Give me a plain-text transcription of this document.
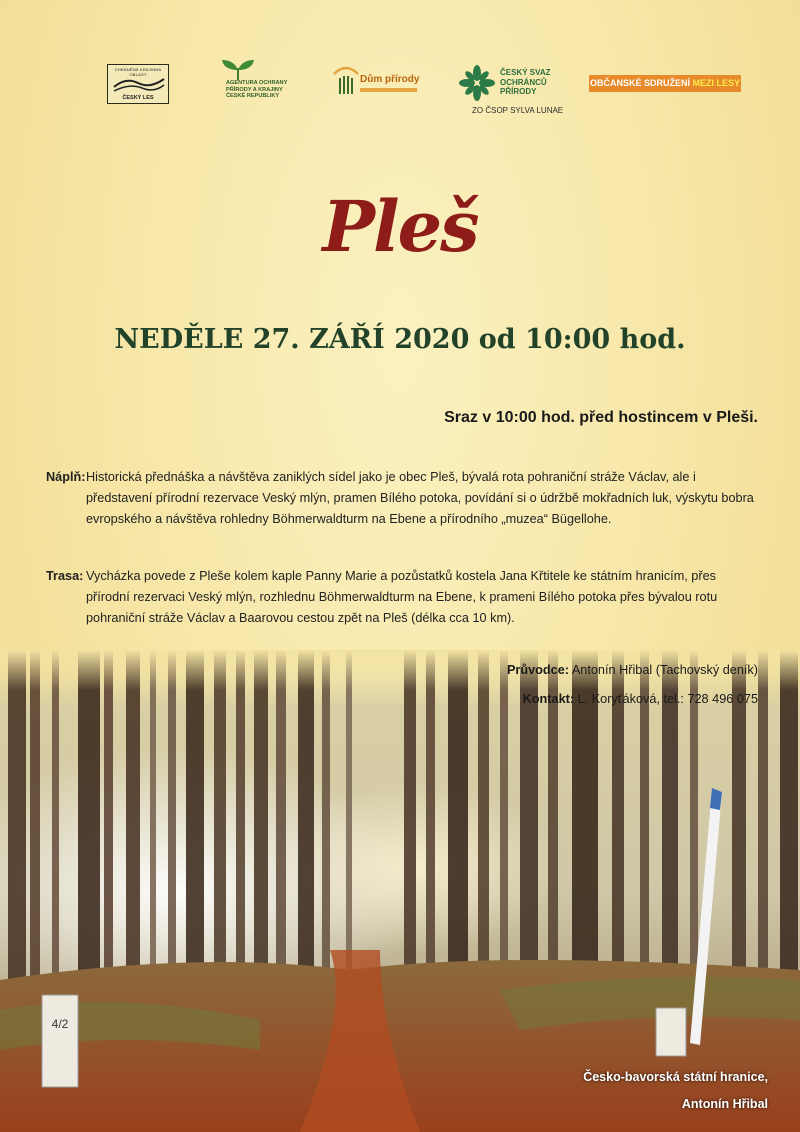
CHRÁNĚNÁ KRAJINNÁ OBLAST
ČESKÝ LES
AGENTURA OCHRANY
PŘÍRODY A KRAJINY
ČESKÉ REPUBLIKY
Dům přírody
ČESKÝ SVAZ
OCHRÁNCŮ
PŘÍRODY
ZO ČSOP SYLVA LUNAE
OBČANSKÉ SDRUŽENÍ MEZI LESY
Pleš
NEDĚLE 27. ZÁŘÍ 2020 od 10:00 hod.
Sraz v 10:00 hod. před hostincem v Pleši.
Náplň: Historická přednáška a návštěva zaniklých sídel jako je obec Pleš, bývalá rota pohraniční stráže Václav, ale i představení přírodní rezervace Veský mlýn, pramen Bílého potoka, povídání si o údržbě mokřadních luk, výskytu bobra evropského a návštěva rohledny Böhmerwaldturm na Ebene a přírodního „muzea“ Bügellohe.
Trasa: Vycházka povede z Pleše kolem kaple Panny Marie a pozůstatků kostela Jana Křtitele ke státním hranicím, přes přírodní rezervaci Veský mlýn, rozhlednu Böhmerwaldturm na Ebene, k prameni Bílého potoka přes bývalou rotu pohraniční stráže Václav a Baarovou cestou zpět na Pleš (délka cca 10 km).
4/2
Průvodce: Antonín Hřibal (Tachovský deník)
Kontakt: L. Koryťáková, tel.: 728 496 075
Česko-bavorská státní hranice,
Antonín Hřibal
